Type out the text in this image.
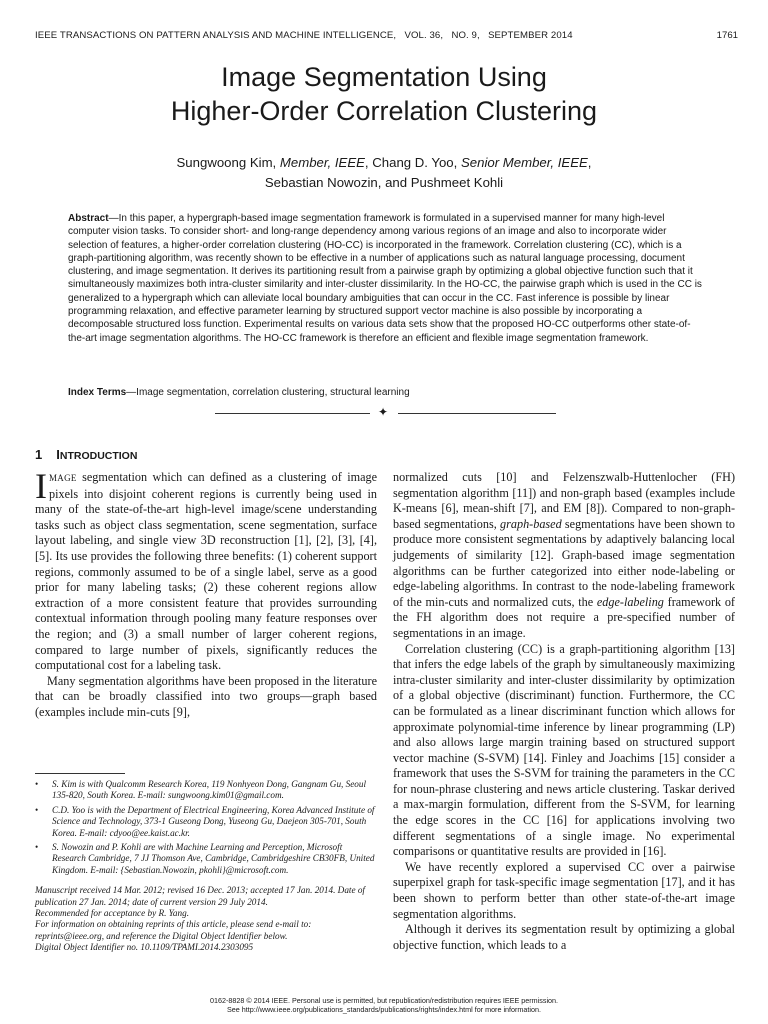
IEEE TRANSACTIONS ON PATTERN ANALYSIS AND MACHINE INTELLIGENCE, VOL. 36, NO. 9, SEPTEMBER 2014	1761
Image Segmentation Using
Higher-Order Correlation Clustering
Sungwoong Kim, Member, IEEE, Chang D. Yoo, Senior Member, IEEE,
Sebastian Nowozin, and Pushmeet Kohli
Abstract—In this paper, a hypergraph-based image segmentation framework is formulated in a supervised manner for many high-level computer vision tasks. To consider short- and long-range dependency among various regions of an image and also to incorporate wider selection of features, a higher-order correlation clustering (HO-CC) is incorporated in the framework. Correlation clustering (CC), which is a graph-partitioning algorithm, was recently shown to be effective in a number of applications such as natural language processing, document clustering, and image segmentation. It derives its partitioning result from a pairwise graph by optimizing a global objective function such that it simultaneously maximizes both intra-cluster similarity and inter-cluster dissimilarity. In the HO-CC, the pairwise graph which is used in the CC is generalized to a hypergraph which can alleviate local boundary ambiguities that can occur in the CC. Fast inference is possible by linear programming relaxation, and effective parameter learning by structured support vector machine is also possible by incorporating a decomposable structured loss function. Experimental results on various data sets show that the proposed HO-CC outperforms other state-of-the-art image segmentation algorithms. The HO-CC framework is therefore an efficient and flexible image segmentation framework.
Index Terms—Image segmentation, correlation clustering, structural learning
✦
1 INTRODUCTION

IMAGE segmentation which can defined as a clustering of image pixels into disjoint coherent regions is currently being used in many of the state-of-the-art high-level image/scene understanding tasks such as object class segmentation, scene segmentation, surface layout labeling, and single view 3D reconstruction [1], [2], [3], [4], [5]. Its use provides the following three benefits: (1) coherent support regions, commonly assumed to be of a single label, serve as a good prior for many labeling tasks; (2) these coherent regions allow extraction of a more consistent feature that provides surrounding contextual information through pooling many feature responses over the region; and (3) a small number of larger coherent regions, compared to large number of pixels, significantly reduces the computational cost for a labeling task.

Many segmentation algorithms have been proposed in the literature that can be broadly classified into two groups—graph based (examples include min-cuts [9],

• S. Kim is with Qualcomm Research Korea, 119 Nonhyeon Dong, Gangnam Gu, Seoul 135-820, South Korea. E-mail: sungwoong.kim01@gmail.com.
• C.D. Yoo is with the Department of Electrical Engineering, Korea Advanced Institute of Science and Technology, 373-1 Guseong Dong, Yuseong Gu, Daejeon 305-701, South Korea. E-mail: cdyoo@ee.kaist.ac.kr.
• S. Nowozin and P. Kohli are with Machine Learning and Perception, Microsoft Research Cambridge, 7 JJ Thomson Ave, Cambridge, Cambridgeshire CB30FB, United Kingdom. E-mail: {Sebastian.Nowozin, pkohli}@microsoft.com.

Manuscript received 14 Mar. 2012; revised 16 Dec. 2013; accepted 17 Jan. 2014. Date of publication 27 Jan. 2014; date of current version 29 July 2014.

Recommended for acceptance by R. Yang.

For information on obtaining reprints of this article, please send e-mail to: reprints@ieee.org, and reference the Digital Object Identifier below.

Digital Object Identifier no. 10.1109/TPAMI.2014.2303095

normalized cuts [10] and Felzenszwalb-Huttenlocher (FH) segmentation algorithm [11]) and non-graph based (examples include K-means [6], mean-shift [7], and EM [8]). Compared to non-graph-based segmentations, graph-based segmentations have been shown to produce more consistent segmentations by adaptively balancing local judgements of similarity [12]. Graph-based image segmentation algorithms can be further categorized into either node-labeling or edge-labeling algorithms. In contrast to the node-labeling framework of the min-cuts and normalized cuts, the edge-labeling framework of the FH algorithm does not require a pre-specified number of segmentations in an image.

Correlation clustering (CC) is a graph-partitioning algorithm [13] that infers the edge labels of the graph by simultaneously maximizing intra-cluster similarity and inter-cluster dissimilarity by optimization of a global objective (discriminant) function. Furthermore, the CC can be formulated as a linear discriminant function which allows for approximate polynomial-time inference by linear programming (LP) and also allows large margin training based on structured support vector machine (S-SVM) [14]. Finley and Joachims [15] consider a framework that uses the S-SVM for training the parameters in the CC for noun-phrase clustering and news article clustering. Taskar derived a max-margin formulation, different from the S-SVM, for learning the edge scores in the CC [16] for applications involving two different segmentations of a single image. No experimental comparisons or quantitative results are provided in [16].

We have recently explored a supervised CC over a pairwise superpixel graph for task-specific image segmentation [17], and it has been shown to perform better than other state-of-the-art image segmentation algorithms.

Although it derives its segmentation result by optimizing a global objective function, which leads to a

0162-8828 © 2014 IEEE. Personal use is permitted, but republication/redistribution requires IEEE permission.
See http://www.ieee.org/publications_standards/publications/rights/index.html for more information.
